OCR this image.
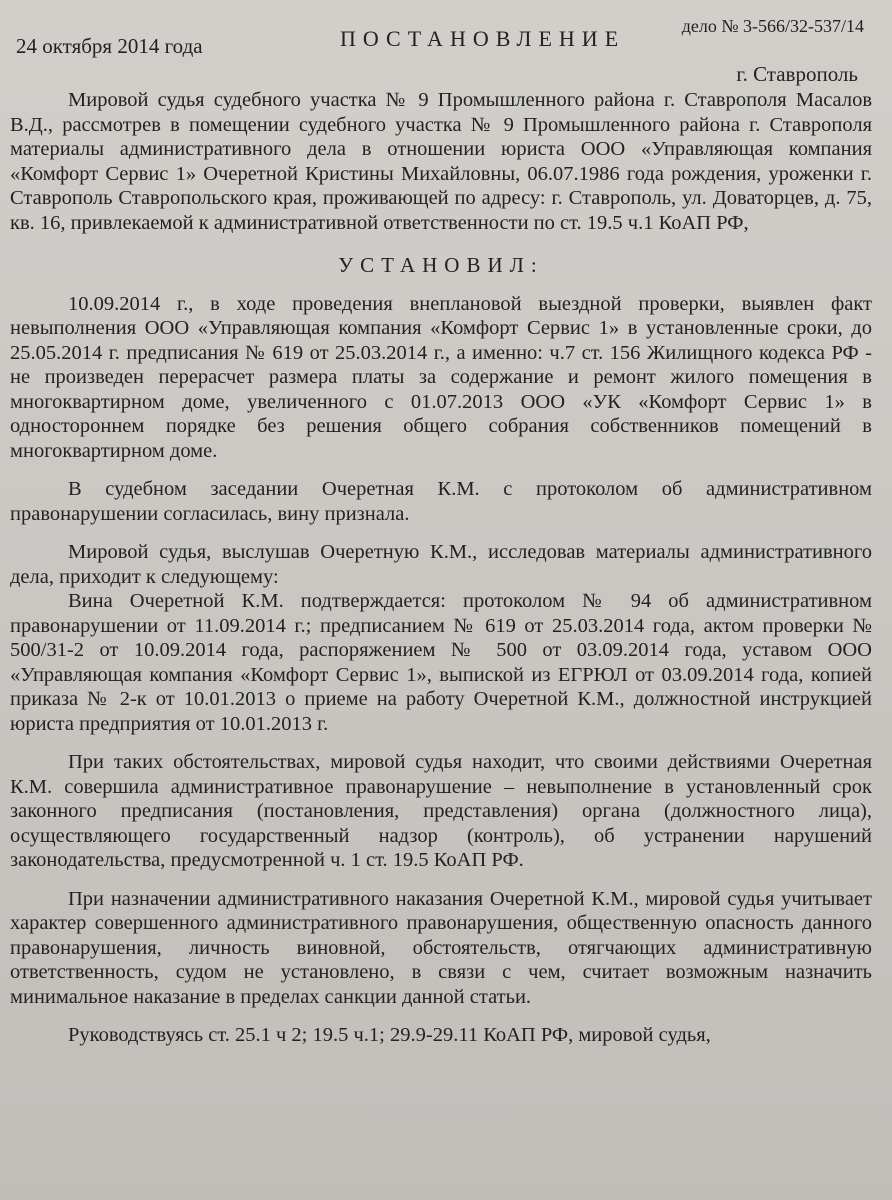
24 октября 2014 года	ПОСТАНОВЛЕНИЕ	дело № 3-566/32-537/14
г. Ставрополь

Мировой судья судебного участка № 9 Промышленного района г. Ставрополя Масалов В.Д., рассмотрев в помещении судебного участка № 9 Промышленного района г. Ставрополя материалы административного дела в отношении юриста ООО «Управляющая компания «Комфорт Сервис 1» Очеретной Кристины Михайловны, 06.07.1986 года рождения, уроженки г. Ставрополь Ставропольского края, проживающей по адресу: г. Ставрополь, ул. Доваторцев, д. 75, кв. 16, привлекаемой к административной ответственности по ст. 19.5 ч.1 КоАП РФ,

УСТАНОВИЛ:

10.09.2014 г., в ходе проведения внеплановой выездной проверки, выявлен факт невыполнения ООО «Управляющая компания «Комфорт Сервис 1» в установленные сроки, до 25.05.2014 г. предписания № 619 от 25.03.2014 г., а именно: ч.7 ст. 156 Жилищного кодекса РФ - не произведен перерасчет размера платы за содержание и ремонт жилого помещения в многоквартирном доме, увеличенного с 01.07.2013 ООО «УК «Комфорт Сервис 1» в одностороннем порядке без решения общего собрания собственников помещений в многоквартирном доме.

В судебном заседании Очеретная К.М. с протоколом об административном правонарушении согласилась, вину признала.

Мировой судья, выслушав Очеретную К.М., исследовав материалы административного дела, приходит к следующему:

Вина Очеретной К.М. подтверждается: протоколом № 94 об административном правонарушении от 11.09.2014 г.; предписанием № 619 от 25.03.2014 года, актом проверки № 500/31-2 от 10.09.2014 года, распоряжением № 500 от 03.09.2014 года, уставом ООО «Управляющая компания «Комфорт Сервис 1», выпиской из ЕГРЮЛ от 03.09.2014 года, копией приказа № 2-к от 10.01.2013 о приеме на работу Очеретной К.М., должностной инструкцией юриста предприятия от 10.01.2013 г.

При таких обстоятельствах, мировой судья находит, что своими действиями Очеретная К.М. совершила административное правонарушение – невыполнение в установленный срок законного предписания (постановления, представления) органа (должностного лица), осуществляющего государственный надзор (контроль), об устранении нарушений законодательства, предусмотренной ч. 1 ст. 19.5 КоАП РФ.

При назначении административного наказания Очеретной К.М., мировой судья учитывает характер совершенного административного правонарушения, общественную опасность данного правонарушения, личность виновной, обстоятельств, отягчающих административную ответственность, судом не установлено, в связи с чем, считает возможным назначить минимальное наказание в пределах санкции данной статьи.

Руководствуясь ст. 25.1 ч 2; 19.5 ч.1; 29.9-29.11 КоАП РФ, мировой судья,
